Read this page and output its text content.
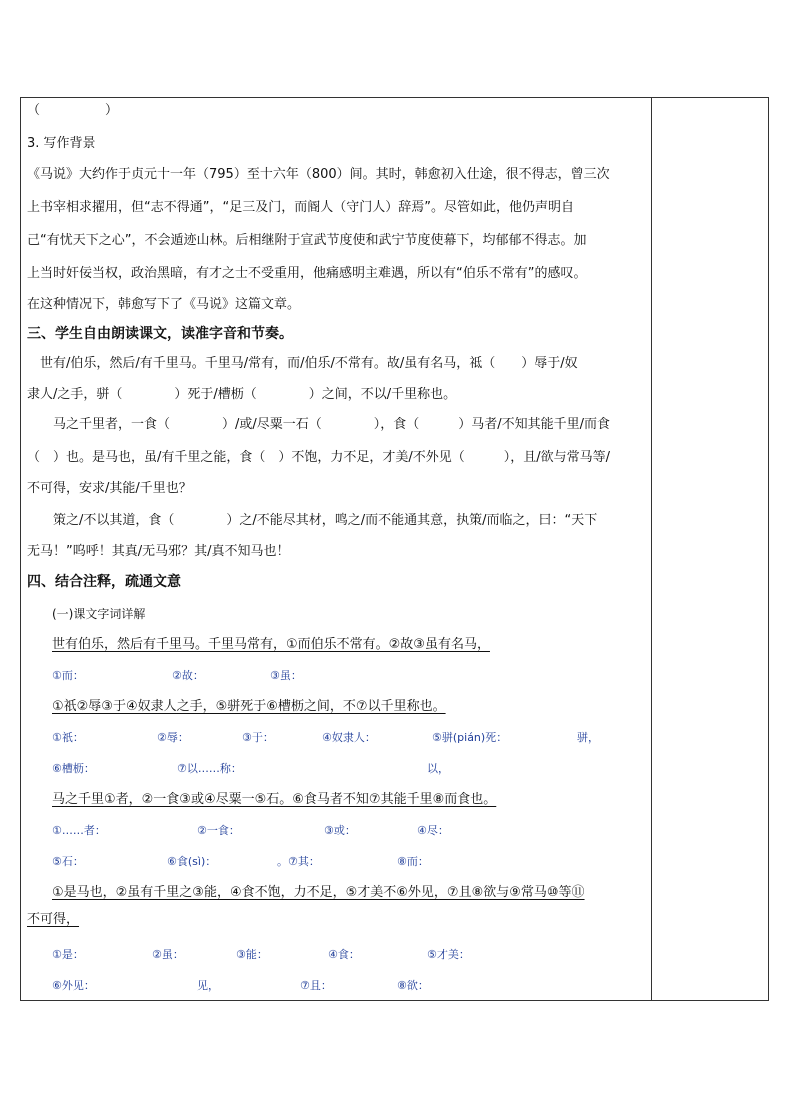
（　　　　　）
3. 写作背景
《马说》大约作于贞元十一年（795）至十六年（800）间。其时，韩愈初入仕途，很不得志，曾三次
上书宰相求擢用，但“志不得通”，“足三及门，而阍人（守门人）辞焉”。尽管如此，他仍声明自
己“有忧天下之心”，不会遁迹山林。后相继附于宣武节度使和武宁节度使幕下，均郁郁不得志。加
上当时奸佞当权，政治黑暗，有才之士不受重用，他痛感明主难遇，所以有“伯乐不常有”的感叹。
在这种情况下，韩愈写下了《马说》这篇文章。
三、学生自由朗读课文，读准字音和节奏。
　世有/伯乐，然后/有千里马。千里马/常有，而/伯乐/不常有。故/虽有名马，祗（　　）辱于/奴
隶人/之手，骈（　　　　）死于/槽枥（　　　　）之间，不以/千里称也。
　　马之千里者，一食（　　　　）/或/尽粟一石（　　　　），食（　　　）马者/不知其能千里/而食
（　）也。是马也，虽/有千里之能，食（　）不饱，力不足，才美/不外见（　　　），且/欲与常马等/
不可得，安求/其能/千里也？
　　策之/不以其道，食（　　　　）之/不能尽其材，鸣之/而不能通其意，执策/而临之，曰：“天下
无马！”呜呼！其真/无马邪？其/真不知马也！
四、结合注释，疏通文意
(一)课文字词详解
世有伯乐，然后有千里马。千里马常有，①而伯乐不常有。②故③虽有名马，
①而：	②故：	③虽：
①祇②辱③于④奴隶人之手，⑤骈死于⑥槽枥之间，不⑦以千里称也。
①祇：	②辱：	③于：	④奴隶人：	⑤骈(pián)死：	骈，
⑥槽枥：	⑦以……称：	以，
马之千里①者，②一食③或④尽粟一⑤石。⑥食马者不知⑦其能千里⑧而食也。
①……者：	②一食：	③或：	④尽：
⑤石：	⑥食(sì)：	。⑦其：	⑧而：
①是马也，②虽有千里之③能，④食不饱，力不足，⑤才美不⑥外见，⑦且⑧欲与⑨常马⑩等⑪
不可得，
①是：	②虽：	③能：	④食：	⑤才美：
⑥外见：	见，	⑦且：	⑧欲：
